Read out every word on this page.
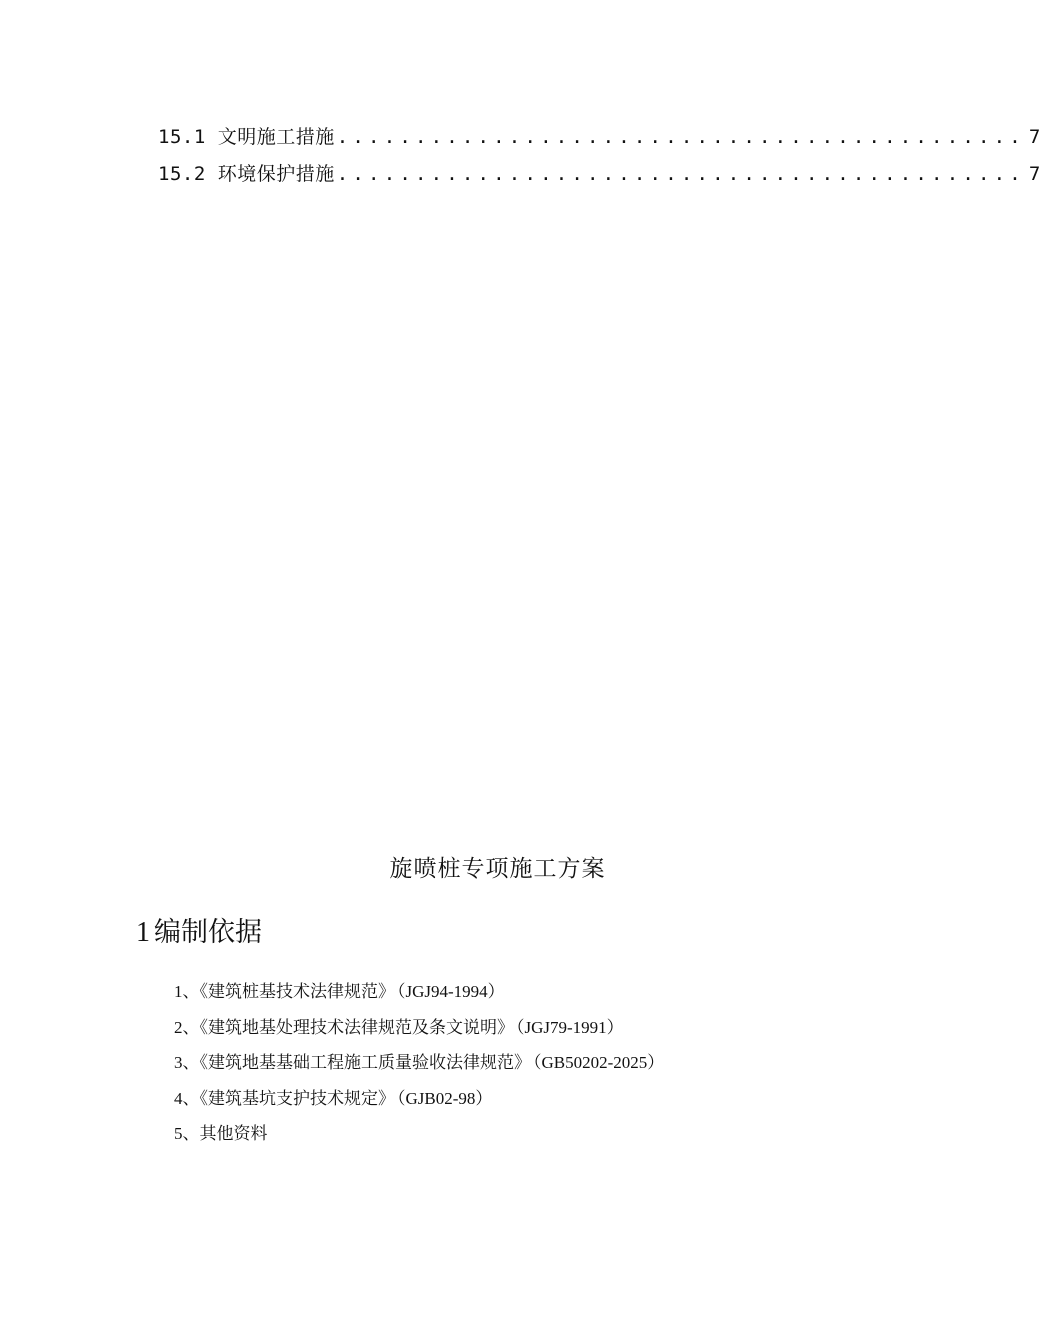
15.1 文明施工措施 ............................................ 7
15.2 环境保护措施 ............................................ 7
旋喷桩专项施工方案
1 编制依据
1、《建筑桩基技术法律规范》 （JGJ94-1994）
2、《建筑地基处理技术法律规范及条文说明》 （JGJ79-1991）
3、《建筑地基基础工程施工质量验收法律规范》 （GB50202-2025）
4、《建筑基坑支护技术规定》 （GJB02-98）
5、其他资料
